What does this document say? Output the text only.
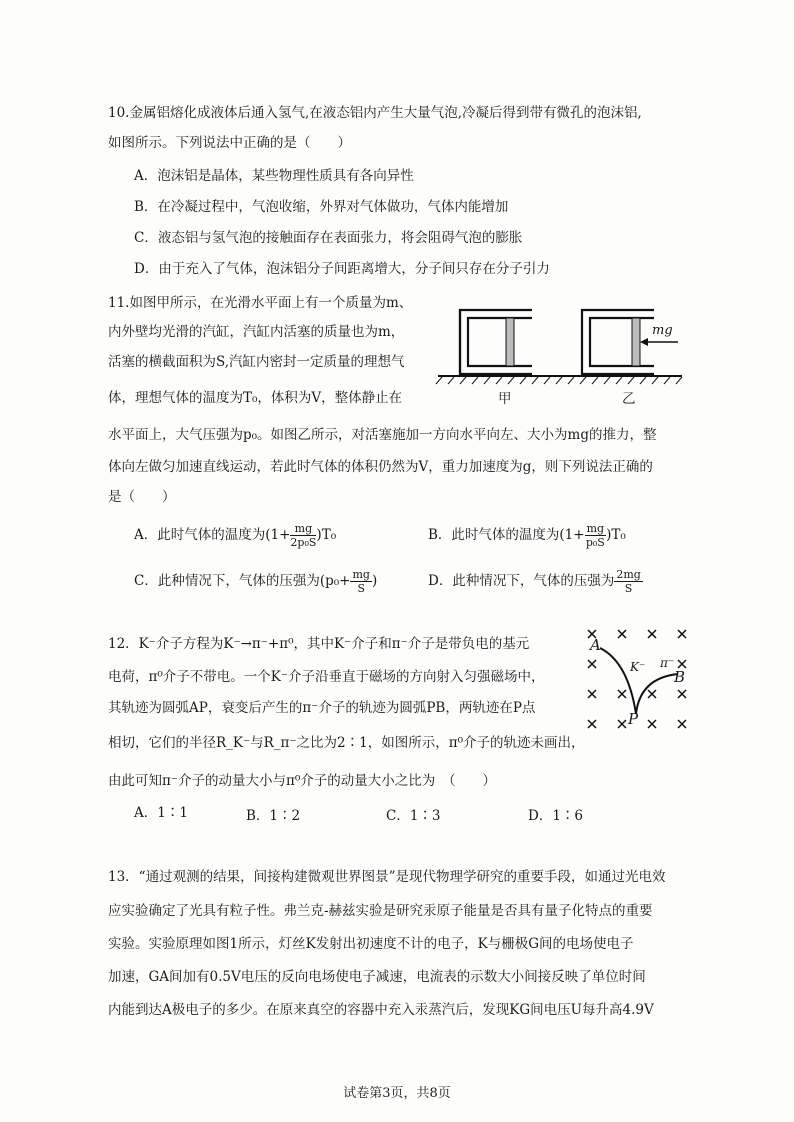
10.金属铝熔化成液体后通入氢气,在液态铝内产生大量气泡,冷凝后得到带有微孔的泡沫铝,
如图所示。下列说法中正确的是（　　）
A．泡沫铝是晶体，某些物理性质具有各向异性
B．在冷凝过程中，气泡收缩，外界对气体做功，气体内能增加
C．液态铝与氢气泡的接触面存在表面张力，将会阻碍气泡的膨胀
D．由于充入了气体，泡沫铝分子间距离增大，分子间只存在分子引力
11.如图甲所示，在光滑水平面上有一个质量为m、
内外壁均光滑的汽缸，汽缸内活塞的质量也为m，
活塞的横截面积为S,汽缸内密封一定质量的理想气
体，理想气体的温度为T₀，体积为V，整体静止在
水平面上，大气压强为p₀。如图乙所示，对活塞施加一方向水平向左、大小为mg的推力，整
体向左做匀加速直线运动，若此时气体的体积仍然为V，重力加速度为g，则下列说法正确的
是（　　）
mg
甲	乙
A．此时气体的温度为$(1+ \frac{mg}{\text{2p₀S}} )T_0$	B．此时气体的温度为$(1+ \frac{mg}{\text{p₀S}} )T_0$
C．此种情况下，气体的压强为($p_0+ \frac{mg}{S}$ )	D．此种情况下，气体的压强为 $\frac{2mg}{S}$
12．K⁻介子方程为K⁻→π⁻+π⁰，其中K⁻介子和π⁻介子是带负电的基元
电荷，π⁰介子不带电。一个K⁻介子沿垂直于磁场的方向射入匀强磁场中，
其轨迹为圆弧AP，衰变后产生的π⁻介子的轨迹为圆弧PB，两轨迹在P点
相切，它们的半径R_K⁻与R_π⁻之比为2∶1，如图所示，π⁰介子的轨迹未画出，
由此可知π⁻介子的动量大小与π⁰介子的动量大小之比为　（　　）
A．1∶1	B．1∶2	C．1∶3	D．1∶6
A
B
P
K⁻ π⁻
13．“通过观测的结果，间接构建微观世界图景”是现代物理学研究的重要手段，如通过光电效
应实验确定了光具有粒子性。弗兰克-赫兹实验是研究汞原子能量是否具有量子化特点的重要
实验。实验原理如图1所示，灯丝K发射出初速度不计的电子，K与栅极G间的电场使电子
加速，GA间加有0.5V电压的反向电场使电子减速，电流表的示数大小间接反映了单位时间
内能到达A极电子的多少。在原来真空的容器中充入汞蒸汽后，发现KG间电压U每升高4.9V
试卷第3页，共8页
